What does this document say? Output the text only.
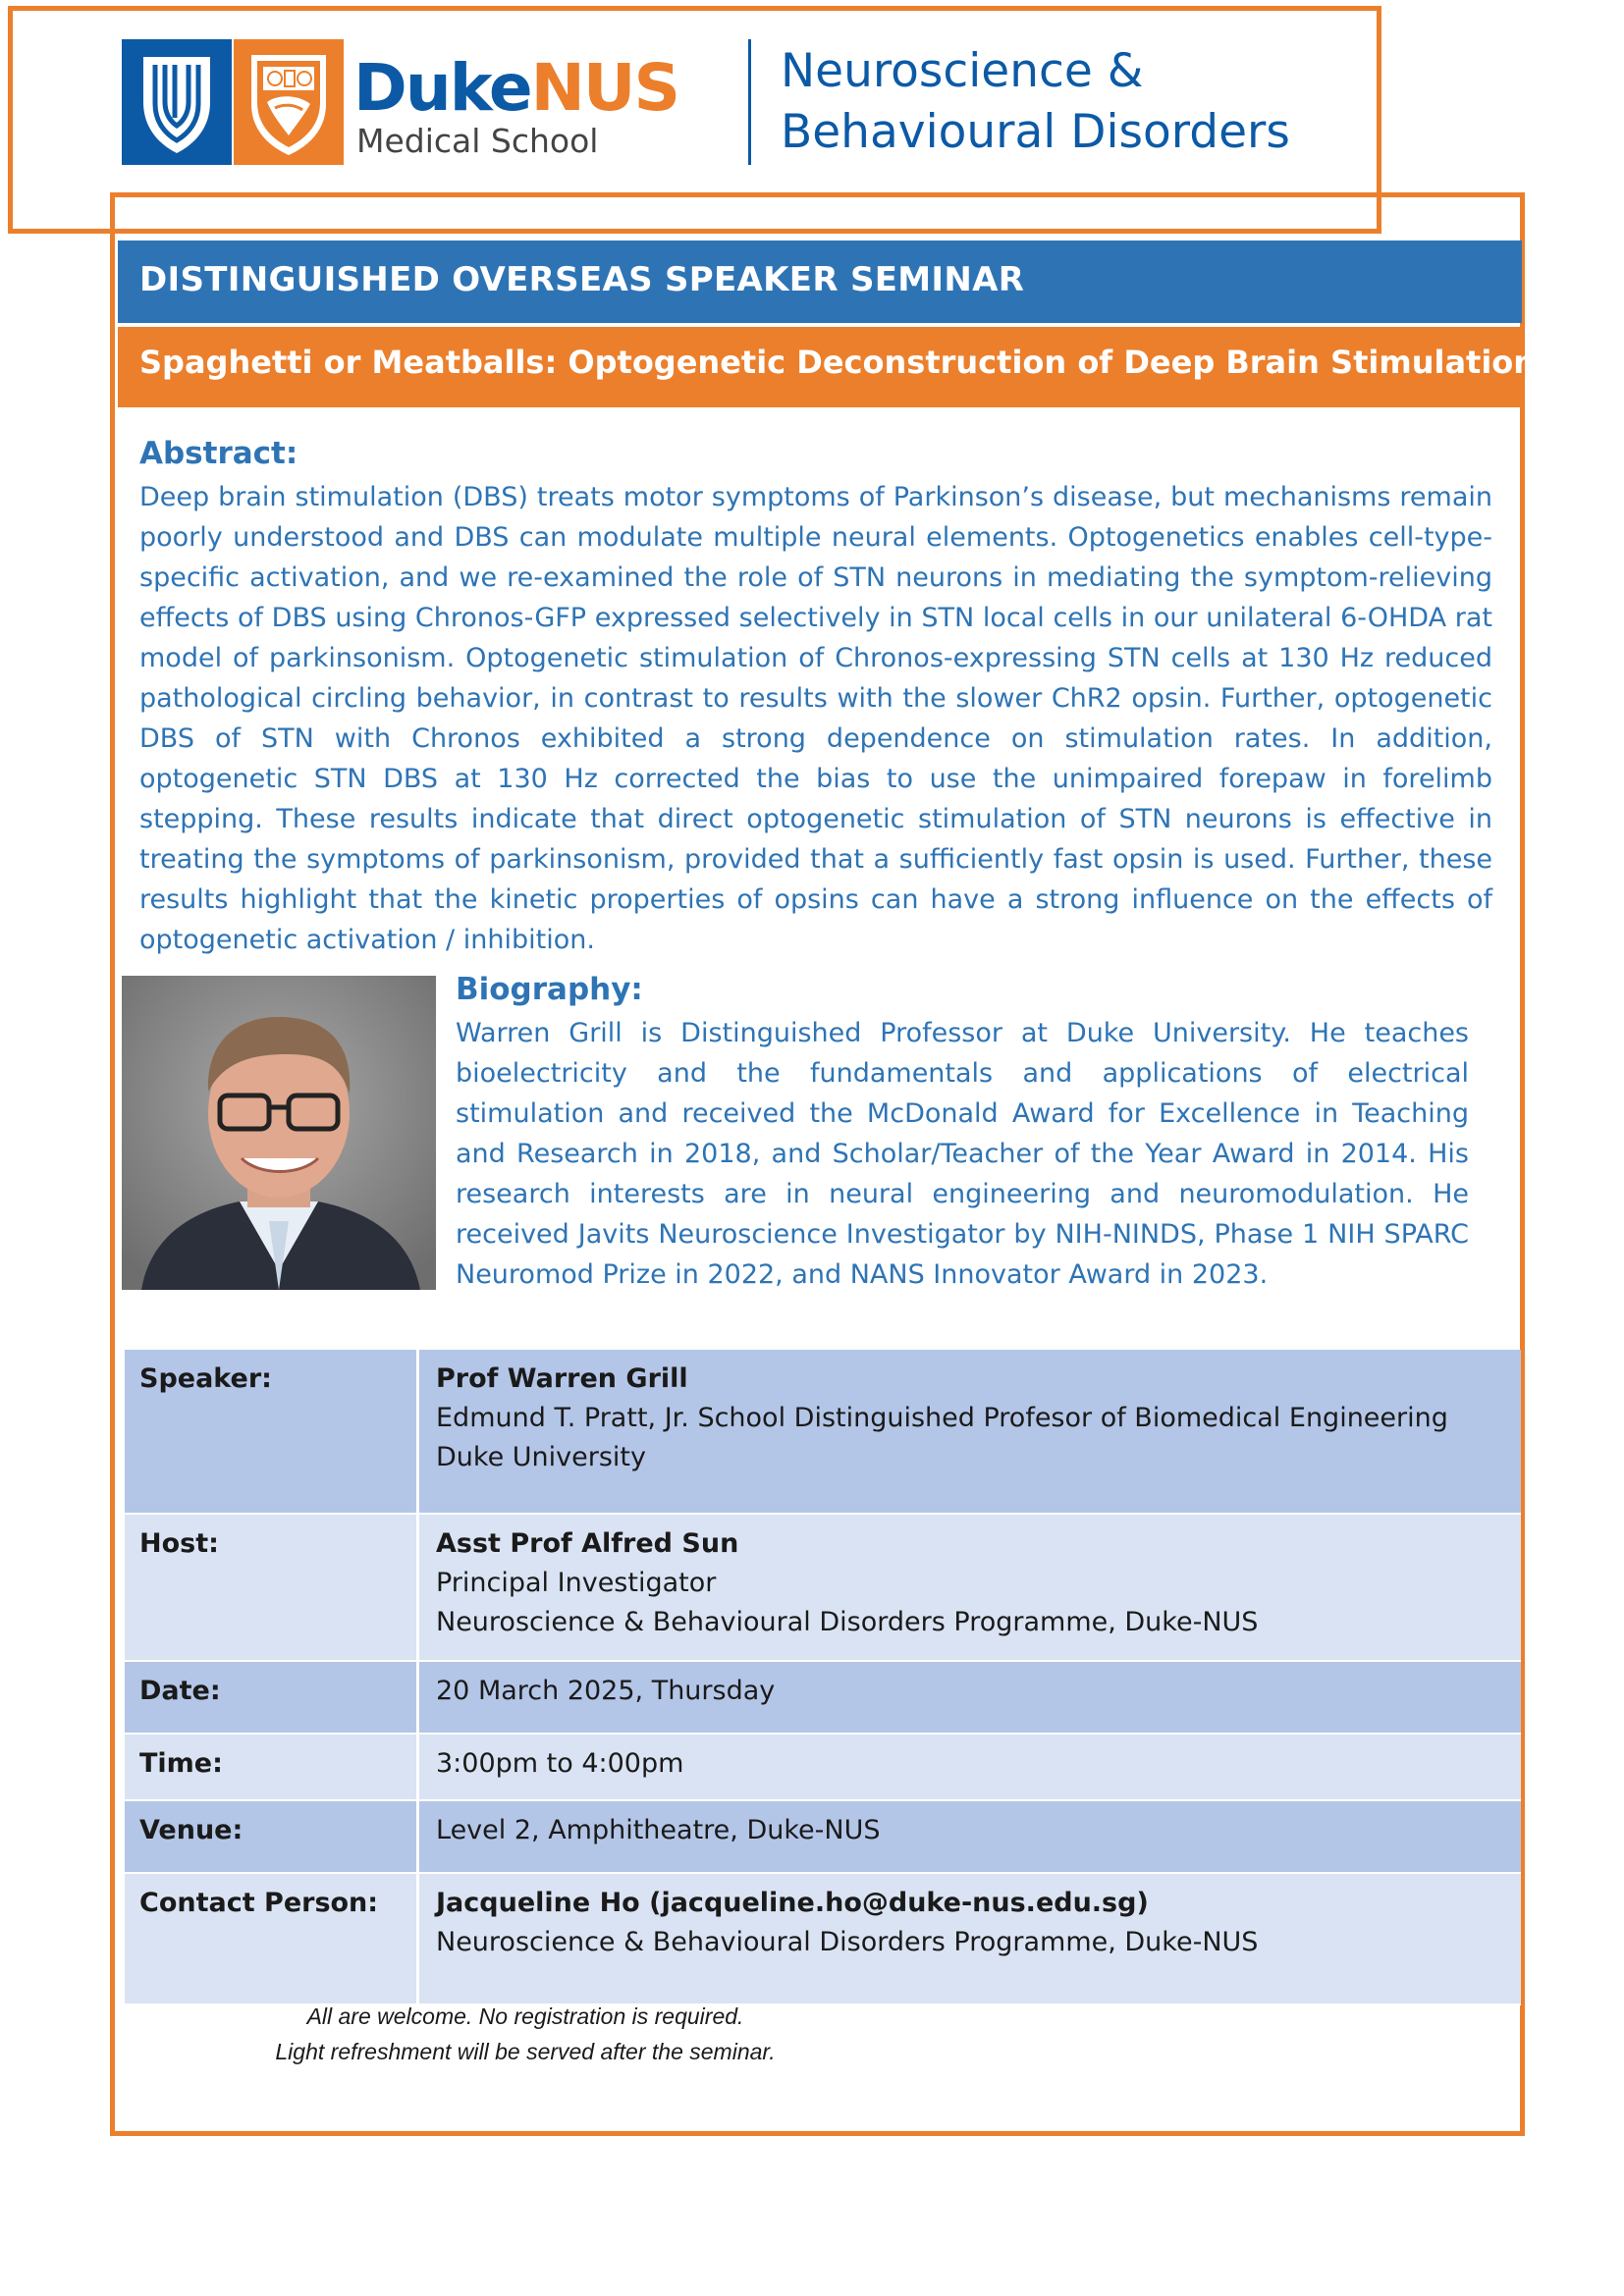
DukeNUS
Medical School
Neuroscience &
Behavioural Disorders
DISTINGUISHED OVERSEAS SPEAKER SEMINAR
Spaghetti or Meatballs: Optogenetic Deconstruction of Deep Brain Stimulation
Abstract:
Deep brain stimulation (DBS) treats motor symptoms of Parkinson’s disease, but mechanisms remain poorly understood and DBS can modulate multiple neural elements. Optogenetics enables cell-type-specific activation, and we re-examined the role of STN neurons in mediating the symptom-relieving effects of DBS using Chronos-GFP expressed selectively in STN local cells in our unilateral 6-OHDA rat model of parkinsonism. Optogenetic stimulation of Chronos-expressing STN cells at 130 Hz reduced pathological circling behavior, in contrast to results with the slower ChR2 opsin. Further, optogenetic DBS of STN with Chronos exhibited a strong dependence on stimulation rates. In addition, optogenetic STN DBS at 130 Hz corrected the bias to use the unimpaired forepaw in forelimb stepping. These results indicate that direct optogenetic stimulation of STN neurons is effective in treating the symptoms of parkinsonism, provided that a sufficiently fast opsin is used. Further, these results highlight that the kinetic properties of opsins can have a strong influence on the effects of optogenetic activation / inhibition.
Biography:
Warren Grill is Distinguished Professor at Duke University. He teaches bioelectricity and the fundamentals and applications of electrical stimulation and received the McDonald Award for Excellence in Teaching and Research in 2018, and Scholar/Teacher of the Year Award in 2014. His research interests are in neural engineering and neuromodulation. He received Javits Neuroscience Investigator by NIH-NINDS, Phase 1 NIH SPARC Neuromod Prize in 2022, and NANS Innovator Award in 2023.
Speaker:	Prof Warren Grill
Edmund T. Pratt, Jr. School Distinguished Profesor of Biomedical Engineering
Duke University
Host:	Asst Prof Alfred Sun
Principal Investigator
Neuroscience & Behavioural Disorders Programme, Duke-NUS
Date:	20 March 2025, Thursday
Time:	3:00pm to 4:00pm
Venue:	Level 2, Amphitheatre, Duke-NUS
Contact Person:	Jacqueline Ho (jacqueline.ho@duke-nus.edu.sg)
Neuroscience & Behavioural Disorders Programme, Duke-NUS
All are welcome. No registration is required.
Light refreshment will be served after the seminar.
